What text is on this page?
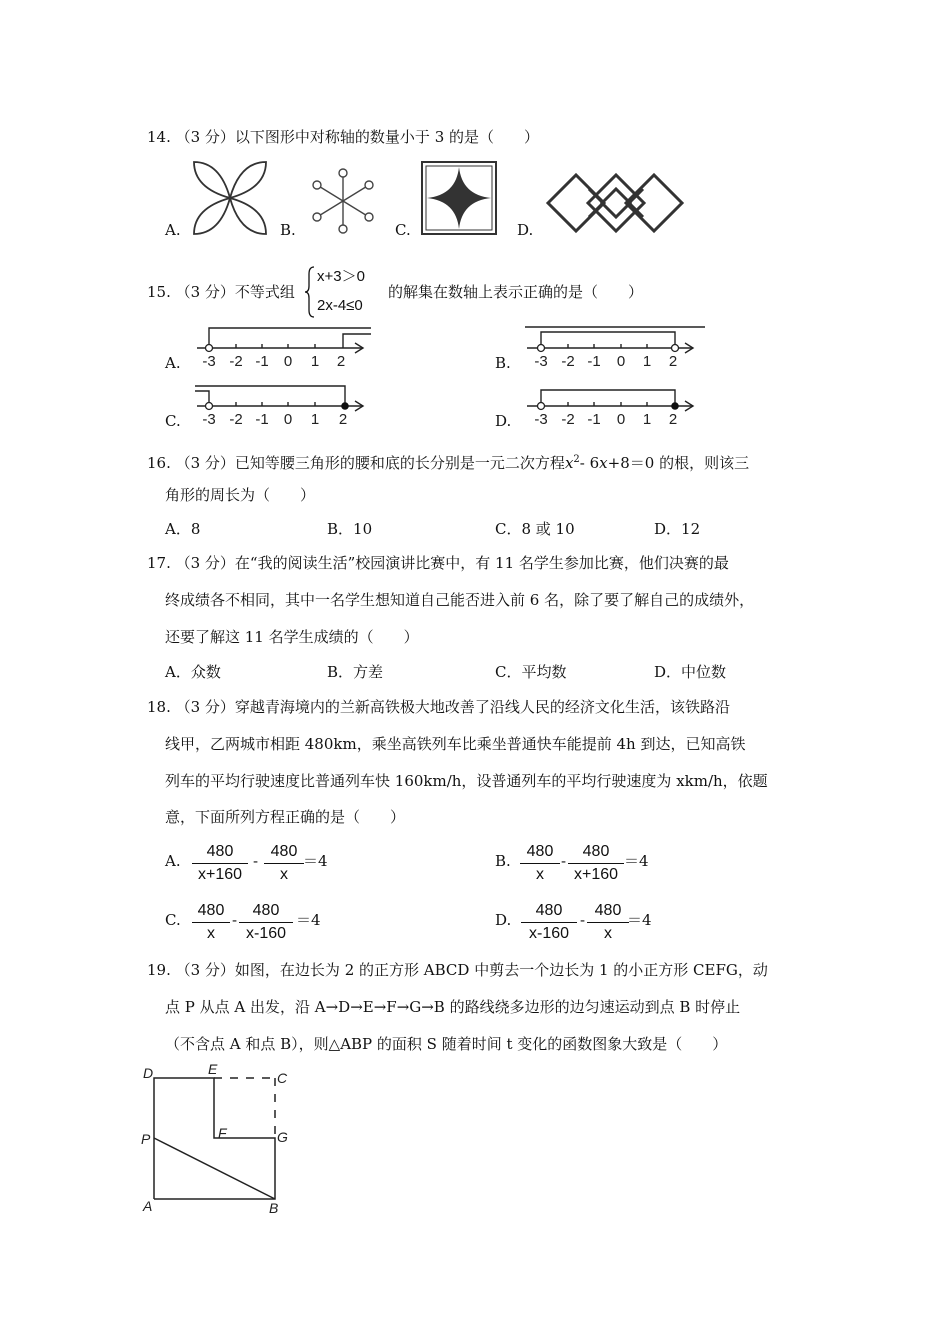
14. （3 分）以下图形中对称轴的数量小于 3 的是（　　）
A.	B.	C.	D.
15. （3 分）不等式组
x+3＞0
2x-4≤0
的解集在数轴上表示正确的是（　　）
A. -3 -2 -1 0 1 2	B. -3 -2 -1 0 1 2
C. -3 -2 -1 0 1 2	D. -3 -2 -1 0 1 2
16. （3 分）已知等腰三角形的腰和底的长分别是一元二次方程$x^2-$ 6x+8＝0 的根，则该三
角形的周长为（　　）
A．8	B．10	C．8 或 10	D．12
17. （3 分）在“我的阅读生活”校园演讲比赛中，有 11 名学生参加比赛，他们决赛的最
终成绩各不相同，其中一名学生想知道自己能否进入前 6 名，除了要了解自己的成绩外，
还要了解这 11 名学生成绩的（　　）
A．众数	B．方差	C．平均数	D．中位数
18. （3 分）穿越青海境内的兰新高铁极大地改善了沿线人民的经济文化生活，该铁路沿
线甲，乙两城市相距 480km，乘坐高铁列车比乘坐普通快车能提前 4h 到达，已知高铁
列车的平均行驶速度比普通列车快 160km/h，设普通列车的平均行驶速度为 xkm/h，依题
意，下面所列方程正确的是（　　）
A.
480
x+160
-
480
x
＝4	B.
480
x
-
480
x+160
＝4
C.
480
x
-
480
x-160
＝4	D.
480
x-160
-
480
x
＝4
19. （3 分）如图，在边长为 2 的正方形 ABCD 中剪去一个边长为 1 的小正方形 CEFG，动
点 P 从点 A 出发，沿 A→D→E→F→G→B 的路线绕多边形的边匀速运动到点 B 时停止
（不含点 A 和点 B），则△ABP 的面积 S 随着时间 t 变化的函数图象大致是（　　）
D	E
C
F	G
P
A	B
